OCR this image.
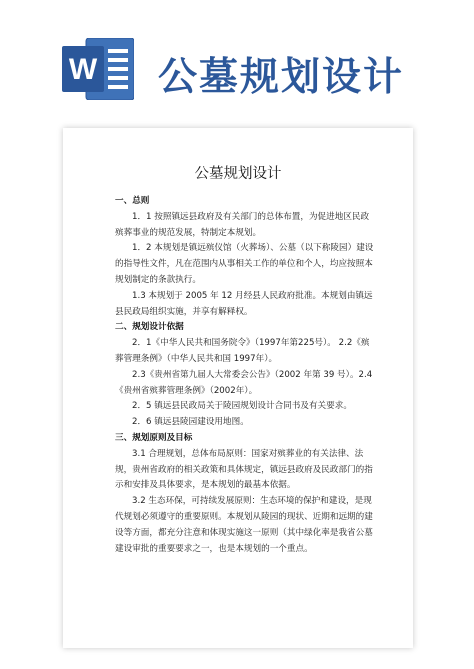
W 公墓规划设计
公墓规划设计

一、总则

1．1 按照镇远县政府及有关部门的总体布置，为促进地区民政殡葬事业的规范发展，特制定本规划。

1．2 本规划是镇远殡仪馆（火葬场）、公墓（以下称陵园）建设的指导性文件，凡在范围内从事相关工作的单位和个人，均应按照本规划制定的条款执行。

1.3 本规划于 2005 年 12 月经县人民政府批准。本规划由镇远县民政局组织实施，并享有解释权。

二、规划设计依据

2．1《中华人民共和国务院令》（1997年第225号）。 2.2《殡葬管理条例》（中华人民共和国 1997年）。

2.3《贵州省第九届人大常委会公告》（2002 年第 39 号）。2.4《贵州省殡葬管理条例》（2002年）。

2．5 镇远县民政局关于陵园规划设计合同书及有关要求。

2．6 镇远县陵园建设用地图。

三、规划原则及目标

3.1 合理规划，总体布局原则：国家对殡葬业的有关法律、法规，贵州省政府的相关政策和具体规定，镇远县政府及民政部门的指示和安排及具体要求，是本规划的最基本依据。

3.2 生态环保，可持续发展原则：生态环境的保护和建设，是现代规划必须遵守的重要原则。本规划从陵园的现状、近期和远期的建设等方面，都充分注意和体现实施这一原则（其中绿化率是我省公墓建设审批的重要要求之一，也是本规划的一个重点。
